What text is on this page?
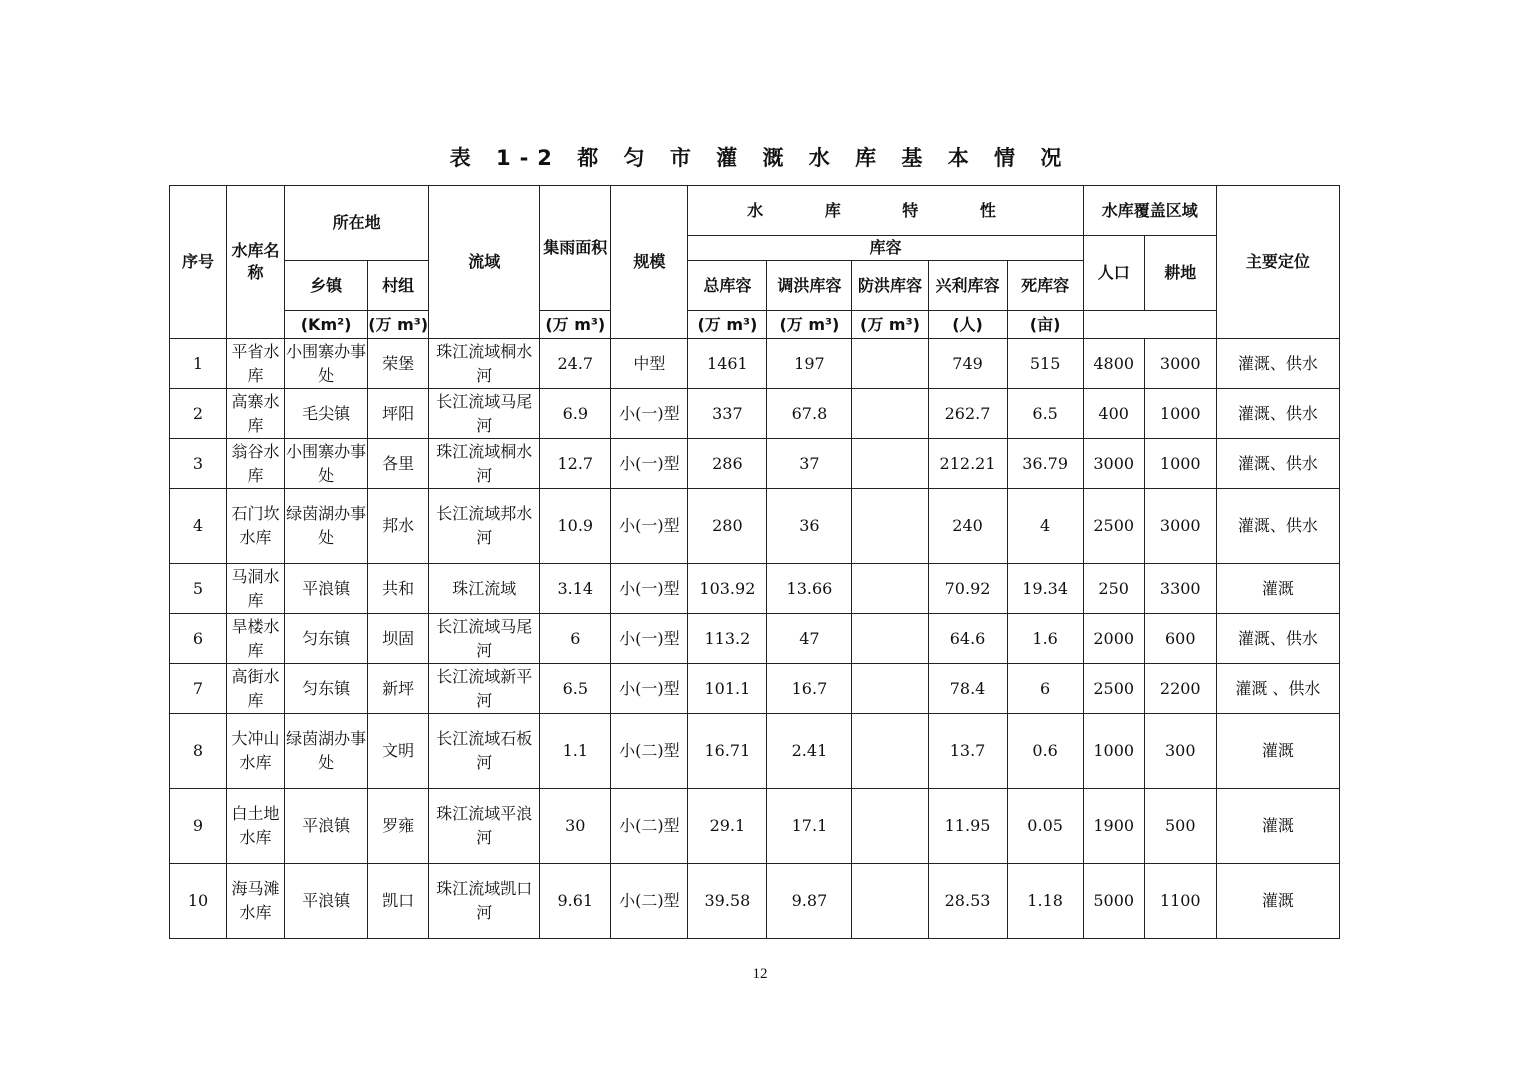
表 1-2 都 匀 市 灌 溉 水 库 基 本 情 况
序号	水库名称	所在地		流域	集雨面积	规模	水 库 特 性					水库覆盖区域		主要定位
							库容					人口	耕地	
		乡镇	村组				总库容	调洪库容	防洪库容	兴利库容	死库容			

		(Km²)	(万 m³)		(万 m³)		(万 m³)	(万 m³)	(万 m³)	(人)	(亩)			
1	平省水库	小围寨办事处	荣堡	珠江流域桐水河	24.7	中型	1461	197		749	515	4800	3000	灌溉、供水
2	高寨水库	毛尖镇	坪阳	长江流域马尾河	6.9	小(一)型	337	67.8		262.7	6.5	400	1000	灌溉、供水
3	翁谷水库	小围寨办事处	各里	珠江流域桐水河	12.7	小(一)型	286	37		212.21	36.79	3000	1000	灌溉、供水
4	石门坎水库	绿茵湖办事处	邦水	长江流域邦水河	10.9	小(一)型	280	36		240	4	2500	3000	灌溉、供水
5	马洞水库	平浪镇	共和	珠江流域	3.14	小(一)型	103.92	13.66		70.92	19.34	250	3300	灌溉
6	旱楼水库	匀东镇	坝固	长江流域马尾河	6	小(一)型	113.2	47		64.6	1.6	2000	600	灌溉、供水
7	高街水库	匀东镇	新坪	长江流域新平河	6.5	小(一)型	101.1	16.7		78.4	6	2500	2200	灌溉 、供水
8	大冲山水库	绿茵湖办事处	文明	长江流域石板河	1.1	小(二)型	16.71	2.41		13.7	0.6	1000	300	灌溉
9	白土地水库	平浪镇	罗雍	珠江流域平浪河	30	小(二)型	29.1	17.1		11.95	0.05	1900	500	灌溉
10	海马滩水库	平浪镇	凯口	珠江流域凯口河	9.61	小(二)型	39.58	9.87		28.53	1.18	5000	1100	灌溉
12
